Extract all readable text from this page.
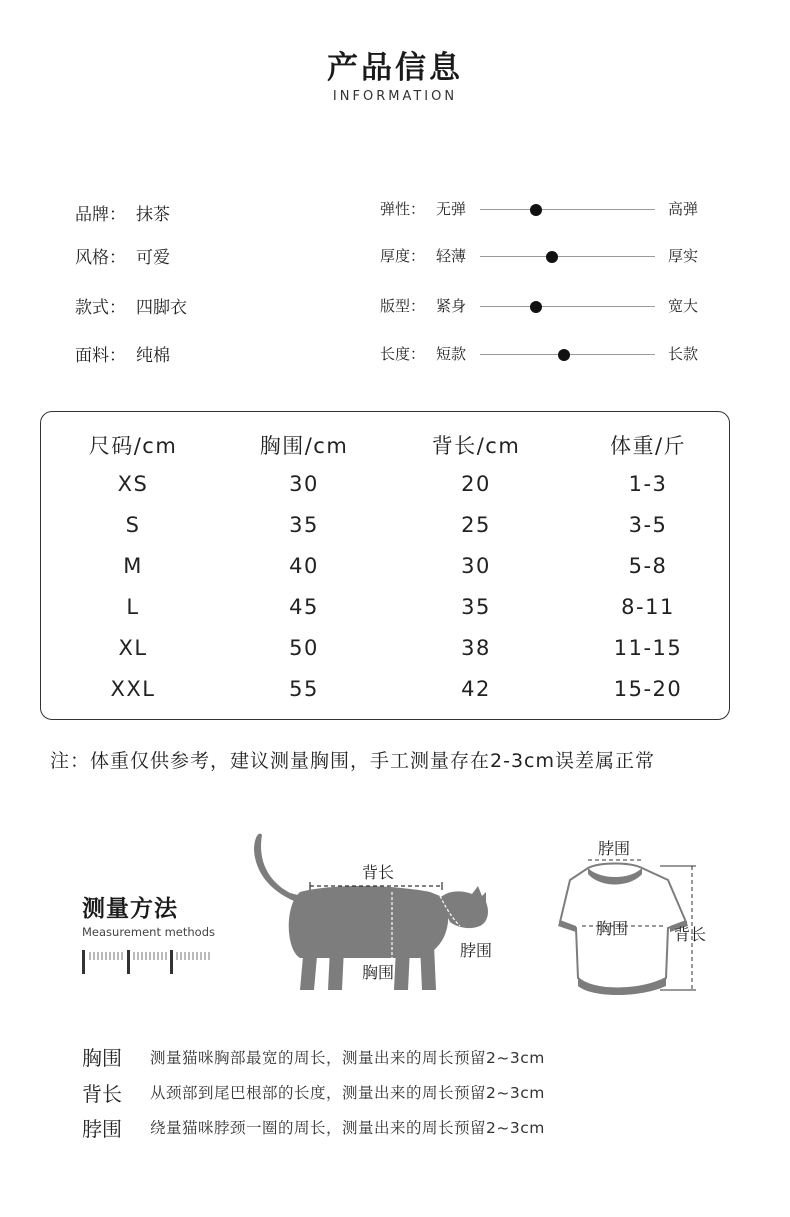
产品信息
INFORMATION
品牌： 抹茶
风格： 可爱
款式： 四脚衣
面料： 纯棉
弹性： 无弹	高弹
厚度： 轻薄	厚实
版型： 紧身	宽大
长度： 短款	长款
尺码/cm	胸围/cm	背长/cm	体重/斤
XS	30	20	1-3
S	35	25	3-5
M	40	30	5-8
L	45	35	8-11
XL	50	38	11-15
XXL	55	42	15-20
注：体重仅供参考，建议测量胸围，手工测量存在2-3cm误差属正常
测量方法
Measurement methods
背长
胸围
脖围
脖围
胸围	背长
胸围 测量猫咪胸部最宽的周长，测量出来的周长预留2~3cm
背长 从颈部到尾巴根部的长度，测量出来的周长预留2~3cm
脖围 绕量猫咪脖颈一圈的周长，测量出来的周长预留2~3cm
